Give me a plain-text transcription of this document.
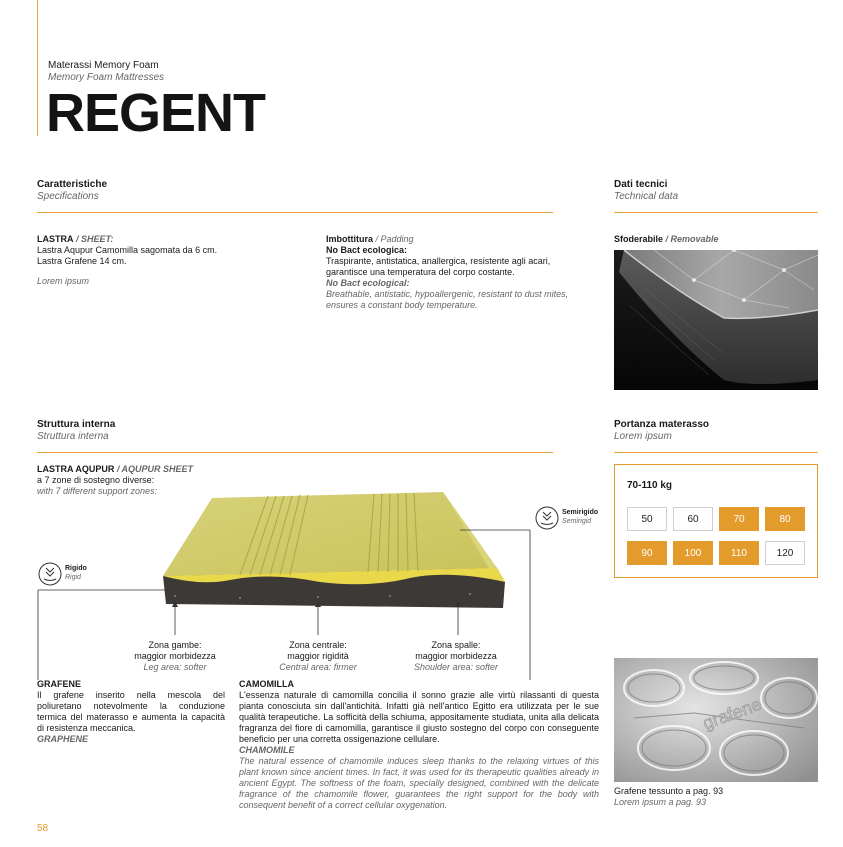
Materassi Memory Foam
Memory Foam Mattresses
REGENT
Caratteristiche
Specifications
LASTRA / SHEET:
Lastra Aqupur Camomilla sagomata da 6 cm.
Lastra Grafene 14 cm.

Lorem ipsum
Imbottitura / Padding
No Bact ecologica:
Traspirante, antistatica, anallergica, resistente agli acari,
garantisce una temperatura del corpo costante.
No Bact ecological:
Breathable, antistatic, hypoallergenic, resistant to dust mites,
ensures a constant body temperature.
Dati tecnici
Technical data
Sfoderabile / Removable
Struttura interna
Struttura interna
LASTRA AQUPUR / AQUPUR SHEET
a 7 zone di sostegno diverse:
with 7 different support zones:
Semirigido
Semirigid
Rigido
Rigid
Zona gambe:
maggior morbidezza
Leg area: softer
Zona centrale:
maggior rigidità
Central area: firmer
Zona spalle:
maggior morbidezza
Shoulder area: softer
GRAFENE
Il grafene inserito nella mescola del poliuretano notevolmente la conduzione termica del materasso e aumenta la capacità di resistenza meccanica.
GRAPHENE
CAMOMILLA
L'essenza naturale di camomilla concilia il sonno grazie alle virtù rilassanti di questa pianta conosciuta sin dall'antichità. Infatti già nell'antico Egitto era utilizzata per le sue qualità terapeutiche. La sofficità della schiuma, appositamente studiata, unita alla delicata fragranza del fiore di camomilla, garantisce il giusto sostegno del corpo con conseguente beneficio per una corretta ossigenazione cellulare.
CHAMOMILE
The natural essence of chamomile induces sleep thanks to the relaxing virtues of this plant known since ancient times. In fact, it was used for its therapeutic qualities already in ancient Egypt. The softness of the foam, specially designed, combined with the delicate fragrance of the chamomile flower, guarantees the right support for the body with consequent benefit of a correct cellular oxygenation.
Portanza materasso
Lorem ipsum
70-110 kg
50	60	70	80
90	100	110	120
grafene
Grafene tessunto a pag. 93
Lorem ipsum a pag. 93
58
